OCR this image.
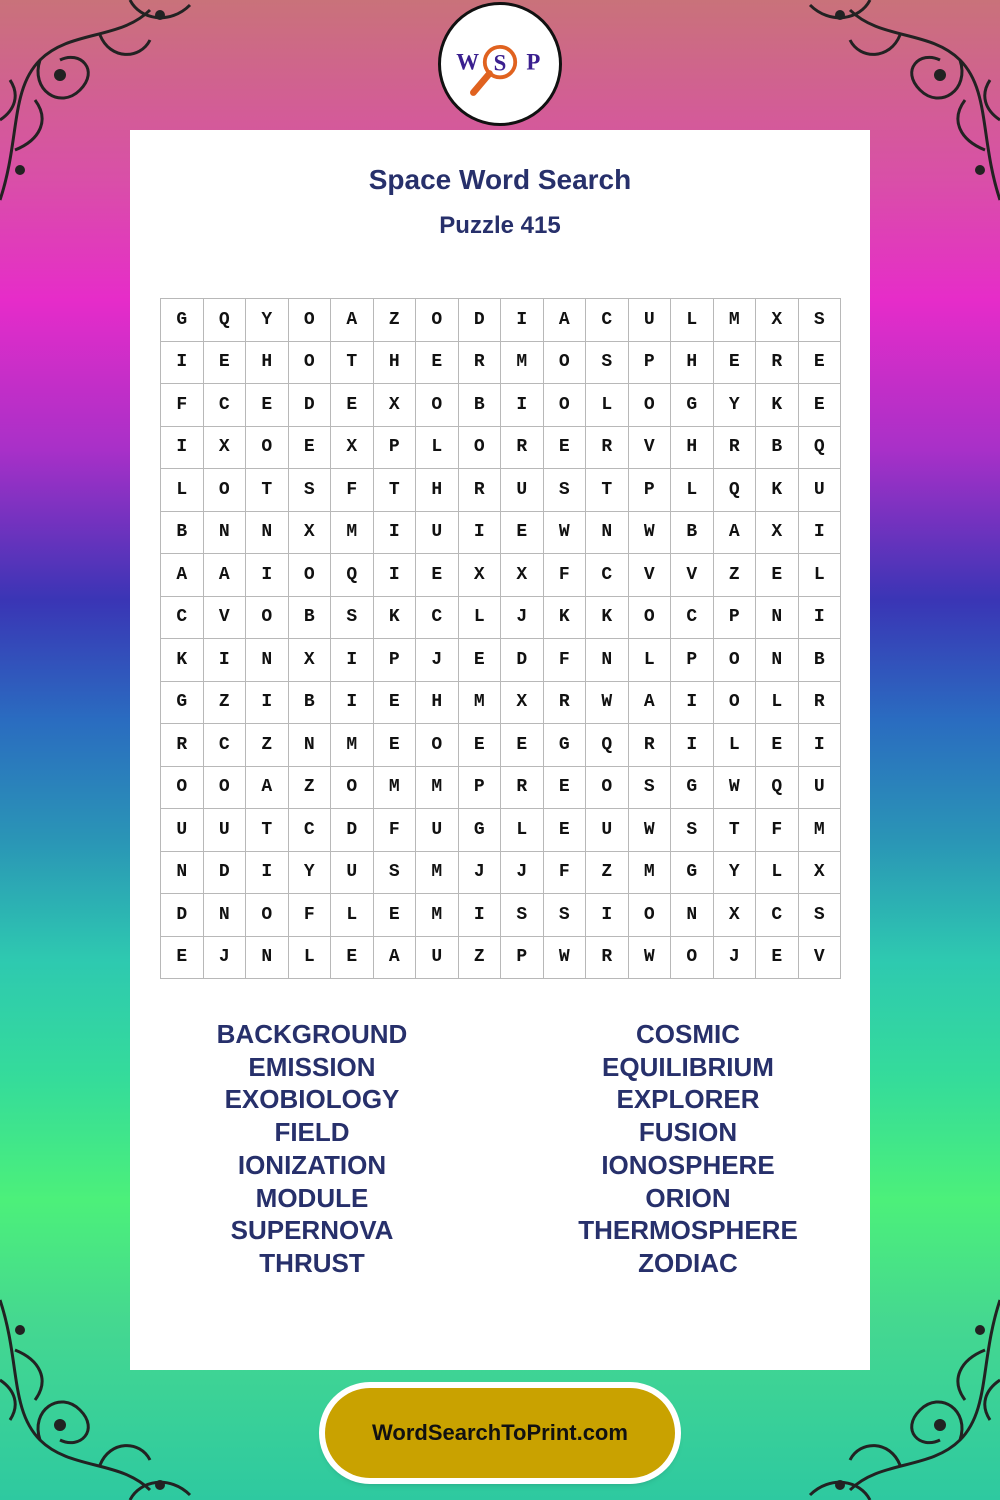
W S P
Space Word Search
Puzzle 415
G	Q	Y	O	A	Z	O	D	I	A	C	U	L	M	X	S
I	E	H	O	T	H	E	R	M	O	S	P	H	E	R	E
F	C	E	D	E	X	O	B	I	O	L	O	G	Y	K	E
I	X	O	E	X	P	L	O	R	E	R	V	H	R	B	Q
L	O	T	S	F	T	H	R	U	S	T	P	L	Q	K	U
B	N	N	X	M	I	U	I	E	W	N	W	B	A	X	I
A	A	I	O	Q	I	E	X	X	F	C	V	V	Z	E	L
C	V	O	B	S	K	C	L	J	K	K	O	C	P	N	I
K	I	N	X	I	P	J	E	D	F	N	L	P	O	N	B
G	Z	I	B	I	E	H	M	X	R	W	A	I	O	L	R
R	C	Z	N	M	E	O	E	E	G	Q	R	I	L	E	I
O	O	A	Z	O	M	M	P	R	E	O	S	G	W	Q	U
U	U	T	C	D	F	U	G	L	E	U	W	S	T	F	M
N	D	I	Y	U	S	M	J	J	F	Z	M	G	Y	L	X
D	N	O	F	L	E	M	I	S	S	I	O	N	X	C	S
E	J	N	L	E	A	U	Z	P	W	R	W	O	J	E	V
BACKGROUND
EMISSION
EXOBIOLOGY
FIELD
IONIZATION
MODULE
SUPERNOVA
THRUST
COSMIC
EQUILIBRIUM
EXPLORER
FUSION
IONOSPHERE
ORION
THERMOSPHERE
ZODIAC
WordSearchToPrint.com
